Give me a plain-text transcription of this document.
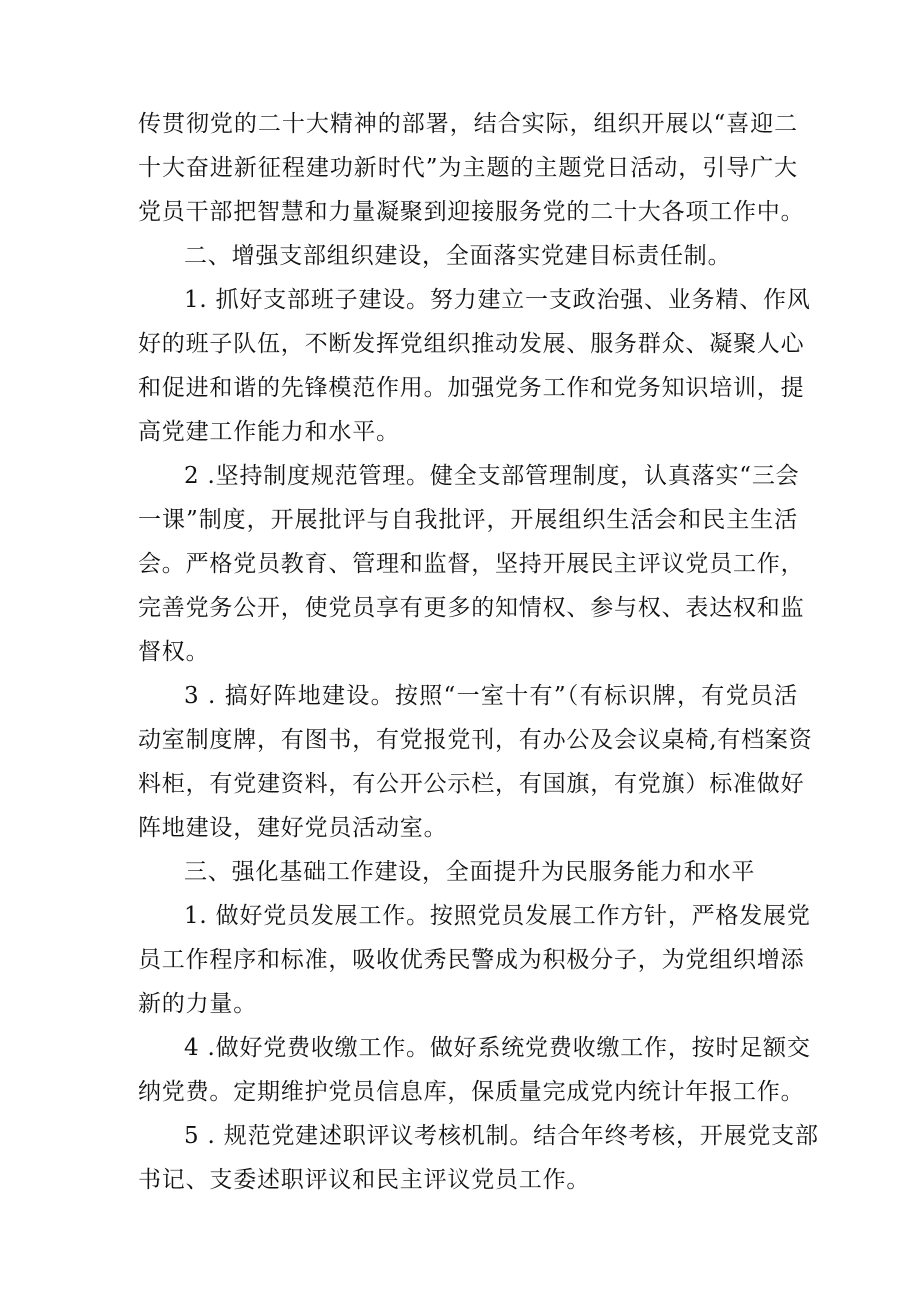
传贯彻党的二十大精神的部署，结合实际，组织开展以“喜迎二
十大奋进新征程建功新时代”为主题的主题党日活动，引导广大
党员干部把智慧和力量凝聚到迎接服务党的二十大各项工作中。
二、增强支部组织建设，全面落实党建目标责任制。
1. 抓好支部班子建设。努力建立一支政治强、业务精、作风
好的班子队伍，不断发挥党组织推动发展、服务群众、凝聚人心
和促进和谐的先锋模范作用。加强党务工作和党务知识培训，提
高党建工作能力和水平。
2 .坚持制度规范管理。健全支部管理制度，认真落实“三会
一课”制度，开展批评与自我批评，开展组织生活会和民主生活
会。严格党员教育、管理和监督，坚持开展民主评议党员工作，
完善党务公开，使党员享有更多的知情权、参与权、表达权和监
督权。
3 . 搞好阵地建设。按照“一室十有”（有标识牌，有党员活
动室制度牌，有图书，有党报党刊，有办公及会议桌椅,有档案资
料柜，有党建资料，有公开公示栏，有国旗，有党旗）标准做好
阵地建设，建好党员活动室。
三、强化基础工作建设，全面提升为民服务能力和水平
1. 做好党员发展工作。按照党员发展工作方针，严格发展党
员工作程序和标准，吸收优秀民警成为积极分子，为党组织增添
新的力量。
4 .做好党费收缴工作。做好系统党费收缴工作，按时足额交
纳党费。定期维护党员信息库，保质量完成党内统计年报工作。
5 . 规范党建述职评议考核机制。结合年终考核，开展党支部
书记、支委述职评议和民主评议党员工作。
